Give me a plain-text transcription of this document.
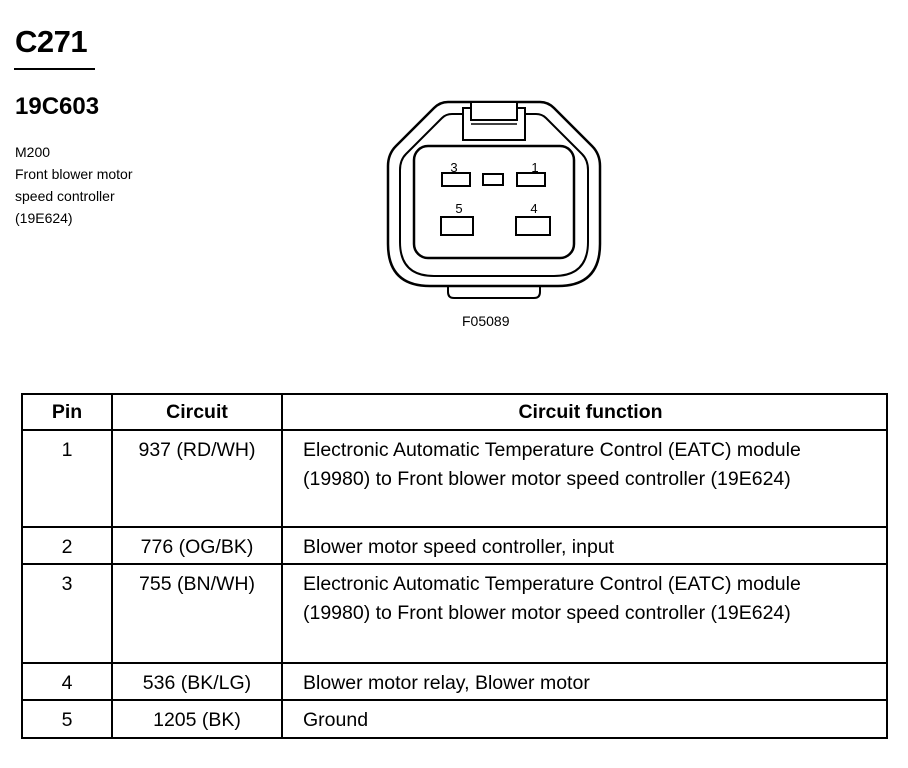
C271
19C603
M200
Front blower motor
speed controller
(19E624)
3	1
5	4
F05089
Pin	Circuit	Circuit function
1	937 (RD/WH)	Electronic Automatic Temperature Control (EATC) module
(19980) to Front blower motor speed controller (19E624)

2	776 (OG/BK)	Blower motor speed controller, input

3	755 (BN/WH)	Electronic Automatic Temperature Control (EATC) module
(19980) to Front blower motor speed controller (19E624)

4	536 (BK/LG)	Blower motor relay, Blower motor

5	1205 (BK)	Ground
